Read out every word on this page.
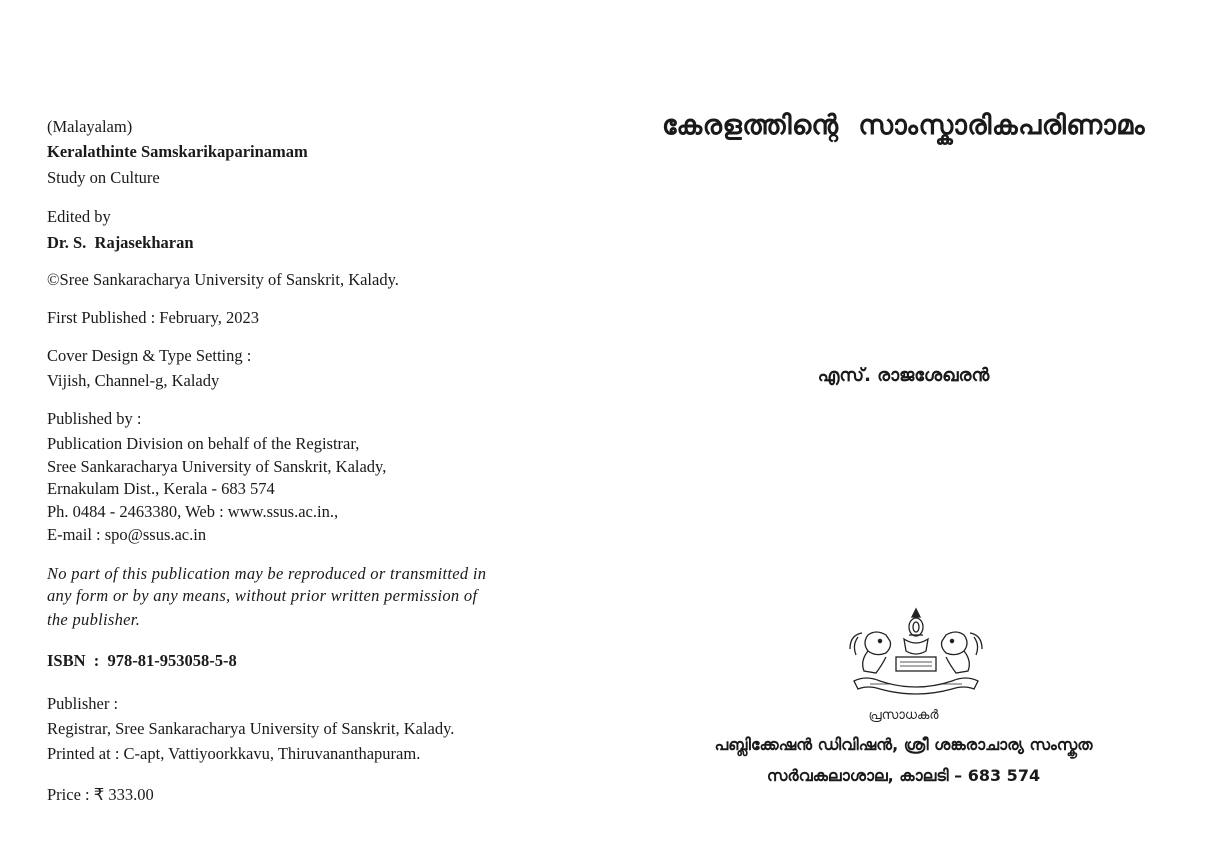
(Malayalam)
Keralathinte Samskarikaparinamam
Study on Culture
Edited by
Dr. S.  Rajasekharan
©Sree Sankaracharya University of Sanskrit, Kalady.
First Published : February, 2023
Cover Design & Type Setting :
Vijish, Channel-g, Kalady
Published by :
Publication Division on behalf of the Registrar,
Sree Sankaracharya University of Sanskrit, Kalady,
Ernakulam Dist., Kerala - 683 574
Ph. 0484 - 2463380, Web : www.ssus.ac.in.,
E-mail : spo@ssus.ac.in
No part of this publication may be reproduced or transmitted in
any form or by any means, without prior written permission of
the publisher.
ISBN  :  978-81-953058-5-8
Publisher :
Registrar, Sree Sankaracharya University of Sanskrit, Kalady.
Printed at : C-apt, Vattiyoorkkavu, Thiruvananthapuram.
Price : ₹ 333.00
കേരളത്തിന്റെ  സാംസ്കാരികപരിണാമം
എസ്. രാജശേഖരൻ
പ്രസാധകർ
പബ്ലിക്കേഷൻ ഡിവിഷൻ, ശ്രീ ശങ്കരാചാര്യ സംസ്കൃത
സർവകലാശാല, കാലടി – 683 574
